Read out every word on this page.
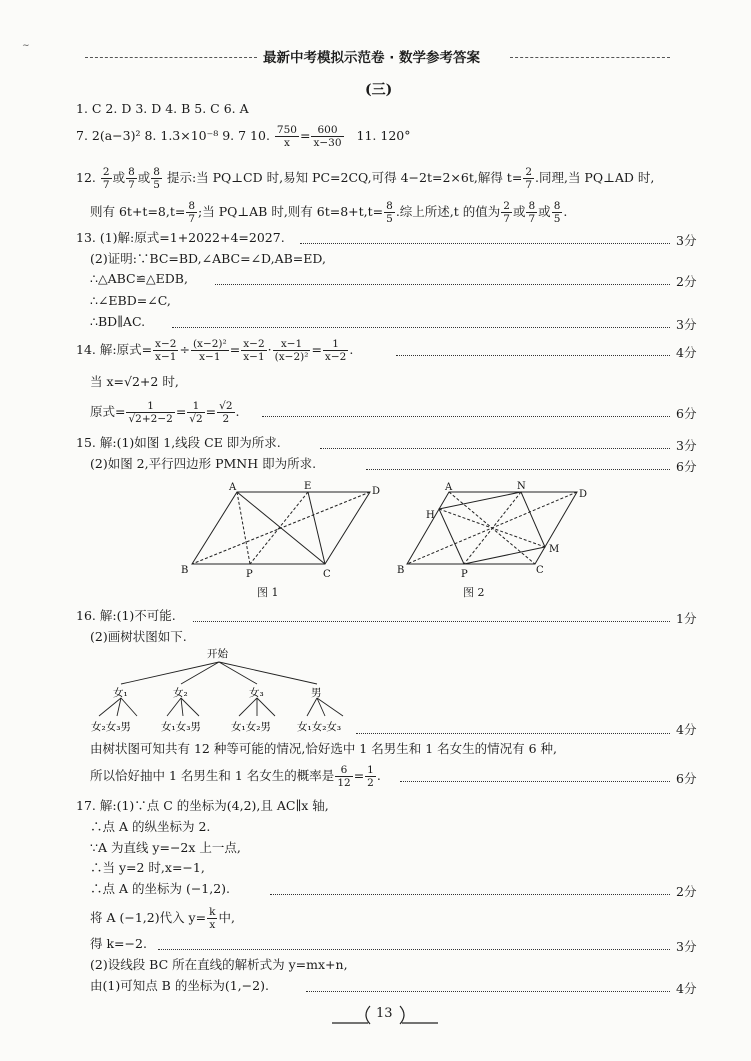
∼
最新中考模拟示范卷 · 数学参考答案
(三)
1. C 2. D 3. D 4. B 5. C 6. A
7. 2(a−3)² 8. 1.3×10⁻⁸ 9. 7 10. $\frac{750}{x} = \frac{600}{x-30} 11$. 120°
12. $\frac{2}{7}$ 或 $\frac{8}{7}$ 或 $\frac{8}{5}$ 提示:当 PQ⊥CD 时,易知 PC=2CQ,可得 4−2t=2×6t,解得 $t= \frac{2}{7}$ .同理,当 PQ⊥AD 时,
则有 $6t+t=8,t= \frac{8}{7}$ ;当 PQ⊥AB 时,则有 $6t=8+t,t= \frac{8}{5}$ .综上所述,t 的值为 $\frac{2}{7}$ 或 $\frac{8}{7}$ 或 $\frac{8}{5}$ .
13. (1)解:原式=1+2022+4=2027.	3分
(2)证明:∵BC=BD,∠ABC=∠D,AB=ED,
∴△ABC≌△EDB,	2分
∴∠EBD=∠C,
∴BD∥AC.	3分
14. 解:原式= $\frac{x-2}{x-1} \div \frac{\text{(x−2)²}}{x-1} = \frac{x-2}{x-1} \cdot \frac{x-1}{\text{(x−2)²}} = \frac{1}{x-2}$ .	4分
当 x=√2+2 时,
原式= $\frac{1}{√2+2-2} = \frac{1}{√2} = \frac{√2}{2}$ .	6分
15. 解:(1)如图 1,线段 CE 即为所求.	3分
(2)如图 2,平行四边形 PMNH 即为所求.	6分
A	E	D
B	P	C
图 1
A	N
D
H
M
B	P	C
图 2
16. 解:(1)不可能.	1分
(2)画树状图如下.
开始
女₁	女₂	女₃	男
女₂女₃男	女₁女₃男	女₁女₂男 女₁女₂女₃	4分
由树状图可知共有 12 种等可能的情况,恰好选中 1 名男生和 1 名女生的情况有 6 种,
所以恰好抽中 1 名男生和 1 名女生的概率是 $\frac{6}{12} = \frac{1}{2}$ .	6分
17. 解:(1)∵点 C 的坐标为(4,2),且 AC∥x 轴,
∴点 A 的纵坐标为 2.
∵A 为直线 y=−2x 上一点,
∴当 y=2 时,x=−1,
∴点 A 的坐标为 (−1,2).	2分
将 A (−1,2)代入 $y= \frac{k}{x}$ 中,
得 k=−2.	3分
(2)设线段 BC 所在直线的解析式为 y=mx+n,
由(1)可知点 B 的坐标为(1,−2).	4分
13
